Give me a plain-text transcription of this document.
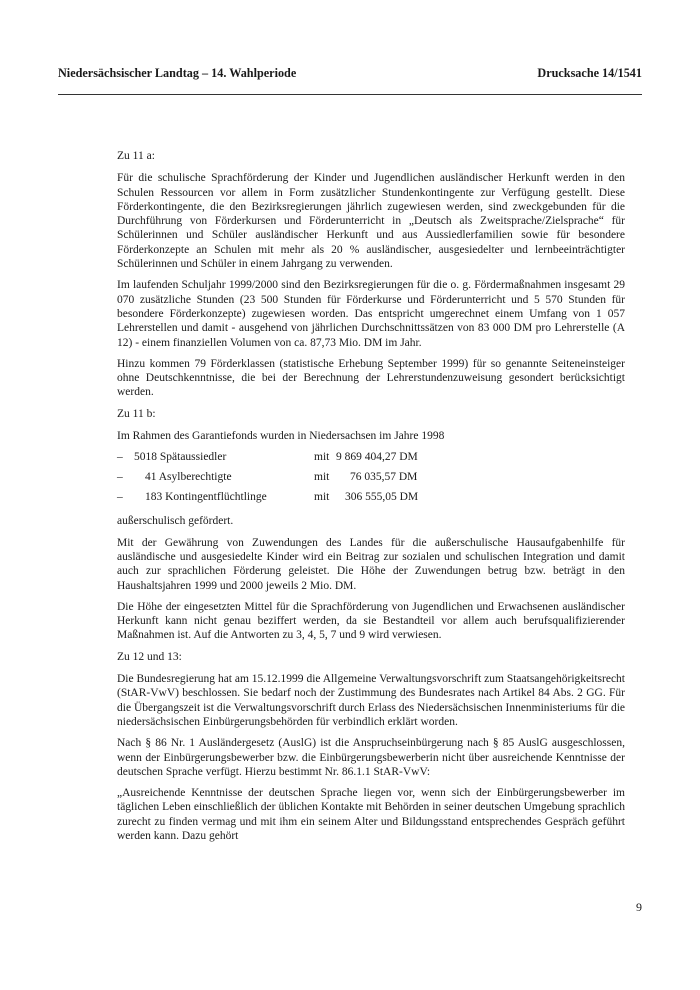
Niedersächsischer Landtag – 14. Wahlperiode	Drucksache 14/1541

Zu 11 a:

Für die schulische Sprachförderung der Kinder und Jugendlichen ausländischer Herkunft werden in den Schulen Ressourcen vor allem in Form zusätzlicher Stundenkontingente zur Verfügung gestellt. Diese Förderkontingente, die den Bezirksregierungen jährlich zugewiesen werden, sind zweckgebunden für die Durchführung von Förderkursen und Förderunterricht in „Deutsch als Zweitsprache/Zielsprache“ für Schülerinnen und Schüler ausländischer Herkunft und aus Aussiedlerfamilien sowie für besondere Förderkonzepte an Schulen mit mehr als 20 % ausländischer, ausgesiedelter und lernbeeinträchtigter Schülerinnen und Schüler in einem Jahrgang zu verwenden.

Im laufenden Schuljahr 1999/2000 sind den Bezirksregierungen für die o. g. Fördermaßnahmen insgesamt 29 070 zusätzliche Stunden (23 500 Stunden für Förderkurse und Förderunterricht und 5 570 Stunden für besondere Förderkonzepte) zugewiesen worden. Das entspricht umgerechnet einem Umfang von 1 057 Lehrerstellen und damit - ausgehend von jährlichen Durchschnittssätzen von 83 000 DM pro Lehrerstelle (A 12) - einem finanziellen Volumen von ca. 87,73 Mio. DM im Jahr.

Hinzu kommen 79 Förderklassen (statistische Erhebung September 1999) für so genannte Seiteneinsteiger ohne Deutschkenntnisse, die bei der Berechnung der Lehrerstundenzuweisung gesondert berücksichtigt werden.

Zu 11 b:

Im Rahmen des Garantiefonds wurden in Niedersachsen im Jahre 1998

– 5018 Spätaussiedler	mit 9 869 404,27 DM
– 41 Asylberechtigte	mit 76 035,57 DM
– 183 Kontingentflüchtlinge	mit 306 555,05 DM

außerschulisch gefördert.

Mit der Gewährung von Zuwendungen des Landes für die außerschulische Hausaufgabenhilfe für ausländische und ausgesiedelte Kinder wird ein Beitrag zur sozialen und schulischen Integration und damit auch zur sprachlichen Förderung geleistet. Die Höhe der Zuwendungen betrug bzw. beträgt in den Haushaltsjahren 1999 und 2000 jeweils 2 Mio. DM.

Die Höhe der eingesetzten Mittel für die Sprachförderung von Jugendlichen und Erwachsenen ausländischer Herkunft kann nicht genau beziffert werden, da sie Bestandteil vor allem auch berufsqualifizierender Maßnahmen ist. Auf die Antworten zu 3, 4, 5, 7 und 9 wird verwiesen.

Zu 12 und 13:

Die Bundesregierung hat am 15.12.1999 die Allgemeine Verwaltungsvorschrift zum Staatsangehörigkeitsrecht (StAR-VwV) beschlossen. Sie bedarf noch der Zustimmung des Bundesrates nach Artikel 84 Abs. 2 GG. Für die Übergangszeit ist die Verwaltungsvorschrift durch Erlass des Niedersächsischen Innenministeriums für die niedersächsischen Einbürgerungsbehörden für verbindlich erklärt worden.

Nach § 86 Nr. 1 Ausländergesetz (AuslG) ist die Anspruchseinbürgerung nach § 85 AuslG ausgeschlossen, wenn der Einbürgerungsbewerber bzw. die Einbürgerungsbewerberin nicht über ausreichende Kenntnisse der deutschen Sprache verfügt. Hierzu bestimmt Nr. 86.1.1 StAR-VwV:

„Ausreichende Kenntnisse der deutschen Sprache liegen vor, wenn sich der Einbürgerungsbewerber im täglichen Leben einschließlich der üblichen Kontakte mit Behörden in seiner deutschen Umgebung sprachlich zurecht zu finden vermag und mit ihm ein seinem Alter und Bildungsstand entsprechendes Gespräch geführt werden kann. Dazu gehört

9
